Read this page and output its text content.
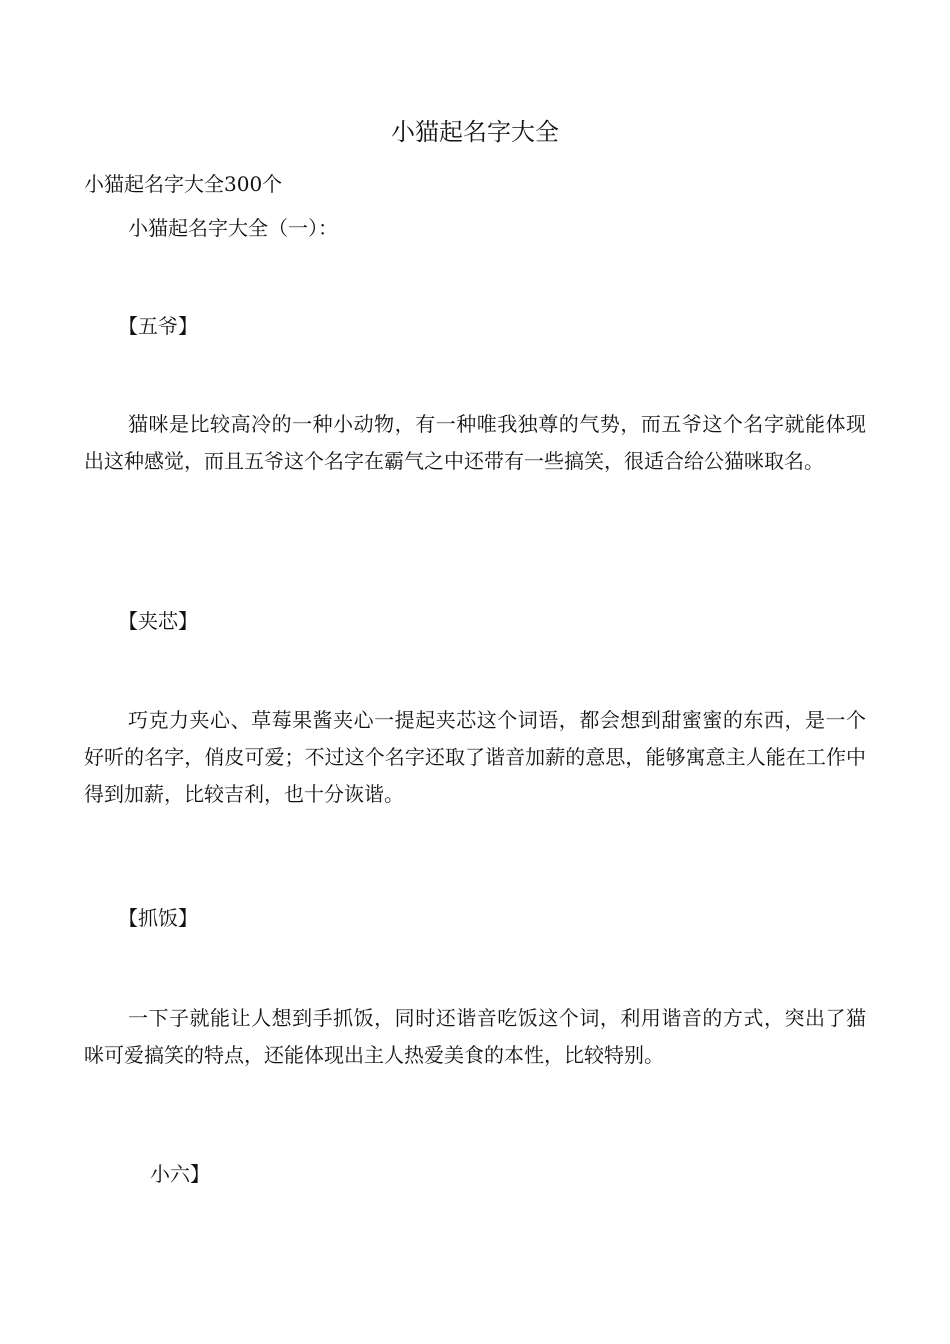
小猫起名字大全

小猫起名字大全300个

小猫起名字大全（一）：

【五爷】

猫咪是比较高冷的一种小动物，有一种唯我独尊的气势，而五爷这个名字就能体现出这种感觉，而且五爷这个名字在霸气之中还带有一些搞笑，很适合给公猫咪取名。

【夹芯】

巧克力夹心、草莓果酱夹心一提起夹芯这个词语，都会想到甜蜜蜜的东西，是一个好听的名字，俏皮可爱；不过这个名字还取了谐音加薪的意思，能够寓意主人能在工作中得到加薪，比较吉利，也十分诙谐。

【抓饭】

一下子就能让人想到手抓饭，同时还谐音吃饭这个词，利用谐音的方式，突出了猫咪可爱搞笑的特点，还能体现出主人热爱美食的本性，比较特别。

小六】
